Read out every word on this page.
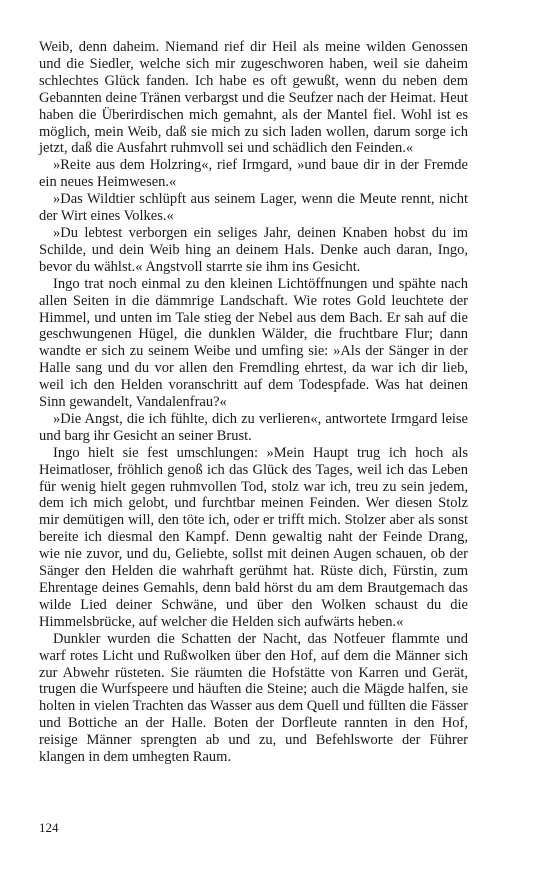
Weib, denn daheim. Niemand rief dir Heil als meine wilden Genossen und die Siedler, welche sich mir zugeschworen haben, weil sie daheim schlechtes Glück fanden. Ich habe es oft gewußt, wenn du neben dem Gebannten deine Tränen verbargst und die Seufzer nach der Heimat. Heut haben die Überirdischen mich gemahnt, als der Mantel fiel. Wohl ist es möglich, mein Weib, daß sie mich zu sich laden wollen, darum sorge ich jetzt, daß die Ausfahrt ruhmvoll sei und schädlich den Feinden.«

»Reite aus dem Holzring«, rief Irmgard, »und baue dir in der Fremde ein neues Heimwesen.«

»Das Wildtier schlüpft aus seinem Lager, wenn die Meute rennt, nicht der Wirt eines Volkes.«

»Du lebtest verborgen ein seliges Jahr, deinen Knaben hobst du im Schilde, und dein Weib hing an deinem Hals. Denke auch daran, Ingo, bevor du wählst.« Angstvoll starrte sie ihm ins Gesicht.

Ingo trat noch einmal zu den kleinen Lichtöffnungen und spähte nach allen Seiten in die dämmrige Landschaft. Wie rotes Gold leuchtete der Himmel, und unten im Tale stieg der Nebel aus dem Bach. Er sah auf die geschwungenen Hügel, die dunklen Wälder, die fruchtbare Flur; dann wandte er sich zu seinem Weibe und umfing sie: »Als der Sänger in der Halle sang und du vor allen den Fremdling ehrtest, da war ich dir lieb, weil ich den Helden voranschritt auf dem Todespfade. Was hat deinen Sinn gewandelt, Vandalenfrau?«

»Die Angst, die ich fühlte, dich zu verlieren«, antwortete Irmgard leise und barg ihr Gesicht an seiner Brust.

Ingo hielt sie fest umschlungen: »Mein Haupt trug ich hoch als Heimatloser, fröhlich genoß ich das Glück des Tages, weil ich das Leben für wenig hielt gegen ruhmvollen Tod, stolz war ich, treu zu sein jedem, dem ich mich gelobt, und furchtbar meinen Feinden. Wer diesen Stolz mir demütigen will, den töte ich, oder er trifft mich. Stolzer aber als sonst bereite ich diesmal den Kampf. Denn gewaltig naht der Feinde Drang, wie nie zuvor, und du, Geliebte, sollst mit deinen Augen schauen, ob der Sänger den Helden die wahrhaft gerühmt hat. Rüste dich, Fürstin, zum Ehrentage deines Gemahls, denn bald hörst du am dem Brautgemach das wilde Lied deiner Schwäne, und über den Wolken schaust du die Himmelsbrücke, auf welcher die Helden sich aufwärts heben.«

Dunkler wurden die Schatten der Nacht, das Notfeuer flammte und warf rotes Licht und Rußwolken über den Hof, auf dem die Männer sich zur Abwehr rüsteten. Sie räumten die Hofstätte von Karren und Gerät, trugen die Wurfspeere und häuften die Steine; auch die Mägde halfen, sie holten in vielen Trachten das Wasser aus dem Quell und füllten die Fässer und Bottiche an der Halle. Boten der Dorfleute rannten in den Hof, reisige Männer sprengten ab und zu, und Befehlsworte der Führer klangen in dem umhegten Raum.

124
